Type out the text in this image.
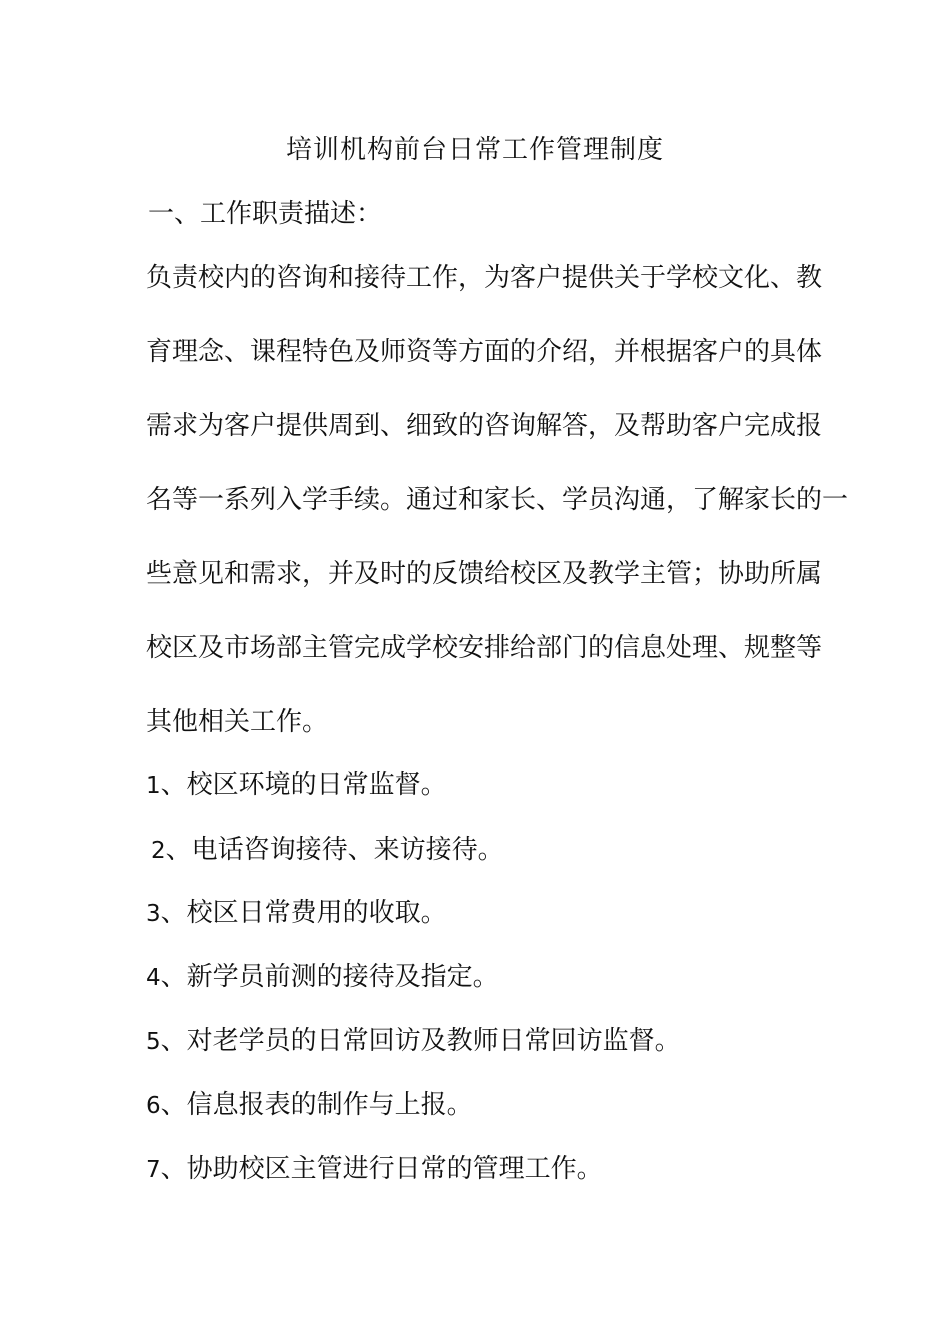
培训机构前台日常工作管理制度
一、工作职责描述：
负责校内的咨询和接待工作，为客户提供关于学校文化、教
育理念、课程特色及师资等方面的介绍，并根据客户的具体
需求为客户提供周到、细致的咨询解答，及帮助客户完成报
名等一系列入学手续。通过和家长、学员沟通，了解家长的一
些意见和需求，并及时的反馈给校区及教学主管；协助所属
校区及市场部主管完成学校安排给部门的信息处理、规整等
其他相关工作。
1、校区环境的日常监督。
2、电话咨询接待、来访接待。
3、校区日常费用的收取。
4、新学员前测的接待及指定。
5、对老学员的日常回访及教师日常回访监督。
6、信息报表的制作与上报。
7、协助校区主管进行日常的管理工作。
